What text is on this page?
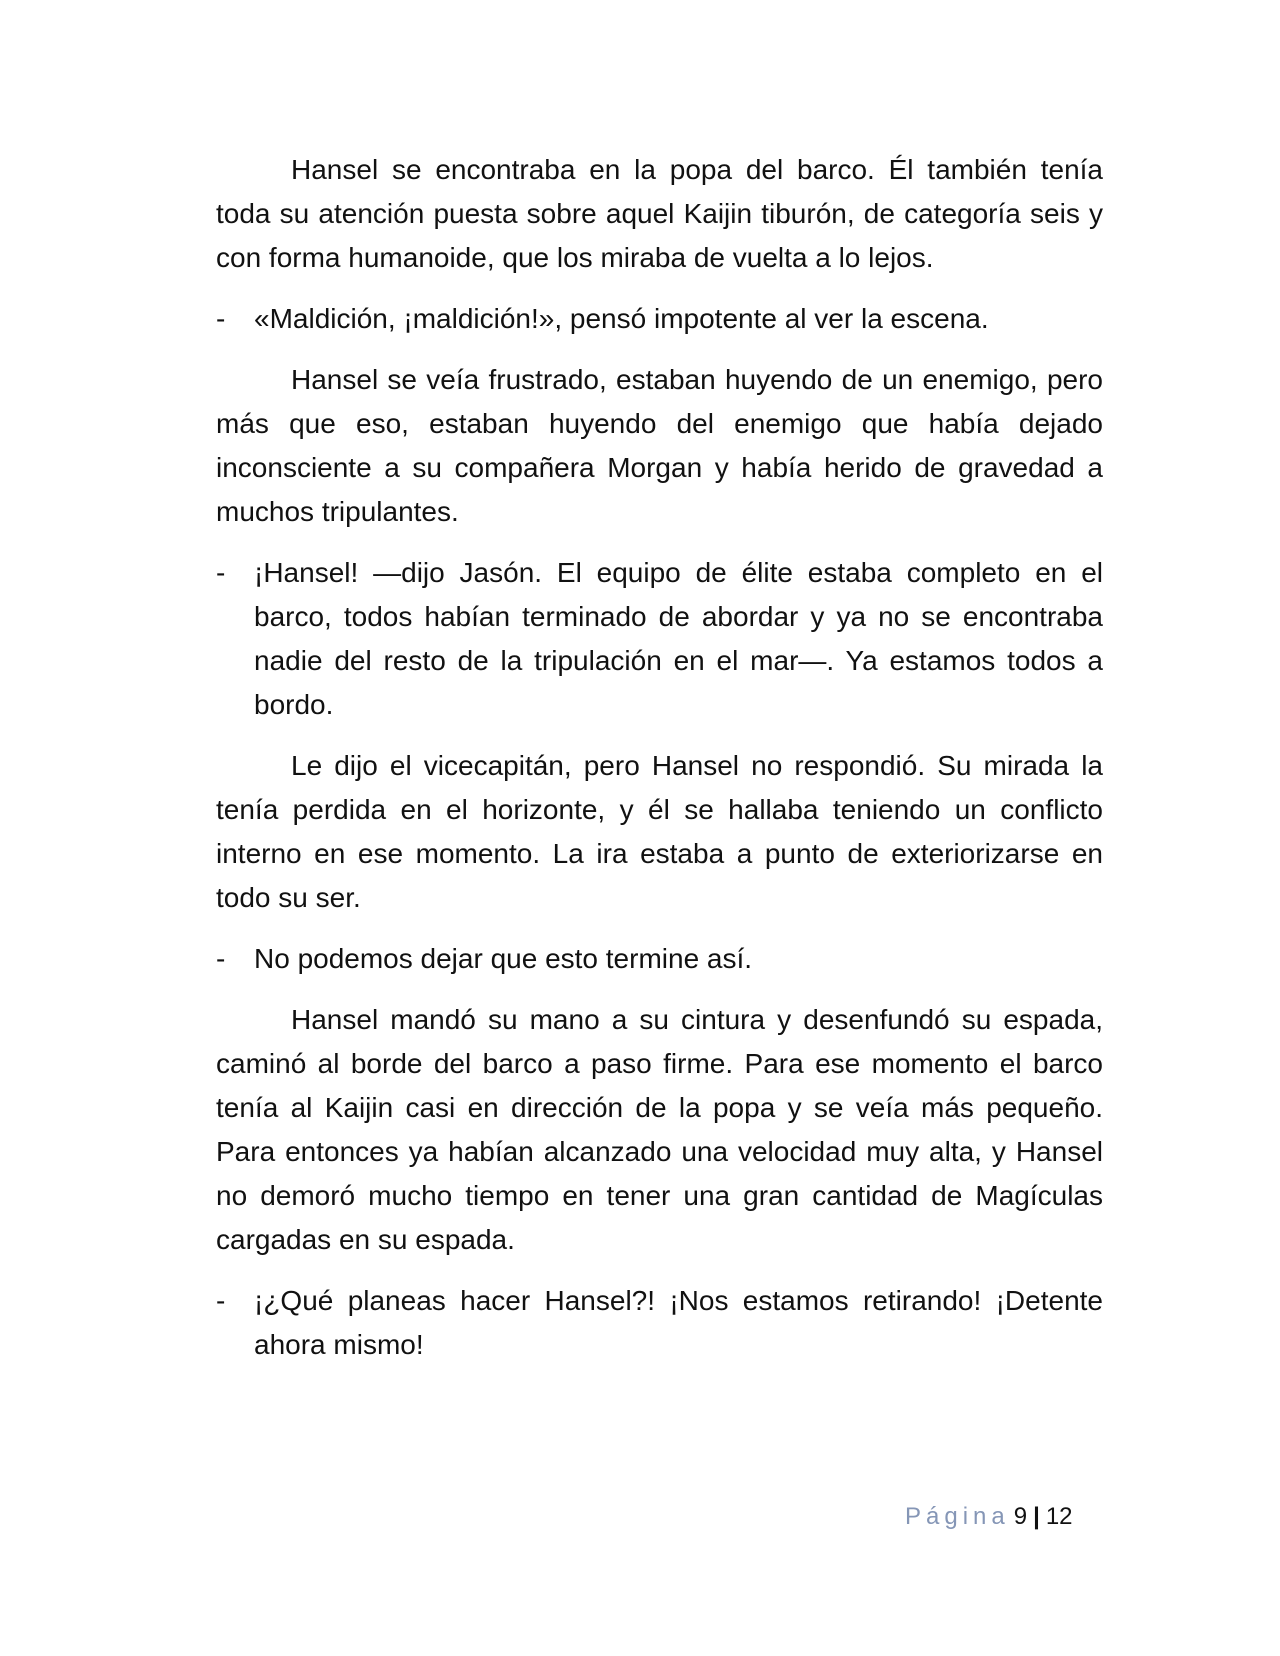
Hansel se encontraba en la popa del barco. Él también tenía toda su atención puesta sobre aquel Kaijin tiburón, de categoría seis y con forma humanoide, que los miraba de vuelta a lo lejos.

- «Maldición, ¡maldición!», pensó impotente al ver la escena.

Hansel se veía frustrado, estaban huyendo de un enemigo, pero más que eso, estaban huyendo del enemigo que había dejado inconsciente a su compañera Morgan y había herido de gravedad a muchos tripulantes.

- ¡Hansel! —dijo Jasón. El equipo de élite estaba completo en el barco, todos habían terminado de abordar y ya no se encontraba nadie del resto de la tripulación en el mar—. Ya estamos todos a bordo.

Le dijo el vicecapitán, pero Hansel no respondió. Su mirada la tenía perdida en el horizonte, y él se hallaba teniendo un conflicto interno en ese momento. La ira estaba a punto de exteriorizarse en todo su ser.

- No podemos dejar que esto termine así.

Hansel mandó su mano a su cintura y desenfundó su espada, caminó al borde del barco a paso firme. Para ese momento el barco tenía al Kaijin casi en dirección de la popa y se veía más pequeño. Para entonces ya habían alcanzado una velocidad muy alta, y Hansel no demoró mucho tiempo en tener una gran cantidad de Magículas cargadas en su espada.

- ¡¿Qué planeas hacer Hansel?! ¡Nos estamos retirando! ¡Detente ahora mismo!
Página 9 | 12
